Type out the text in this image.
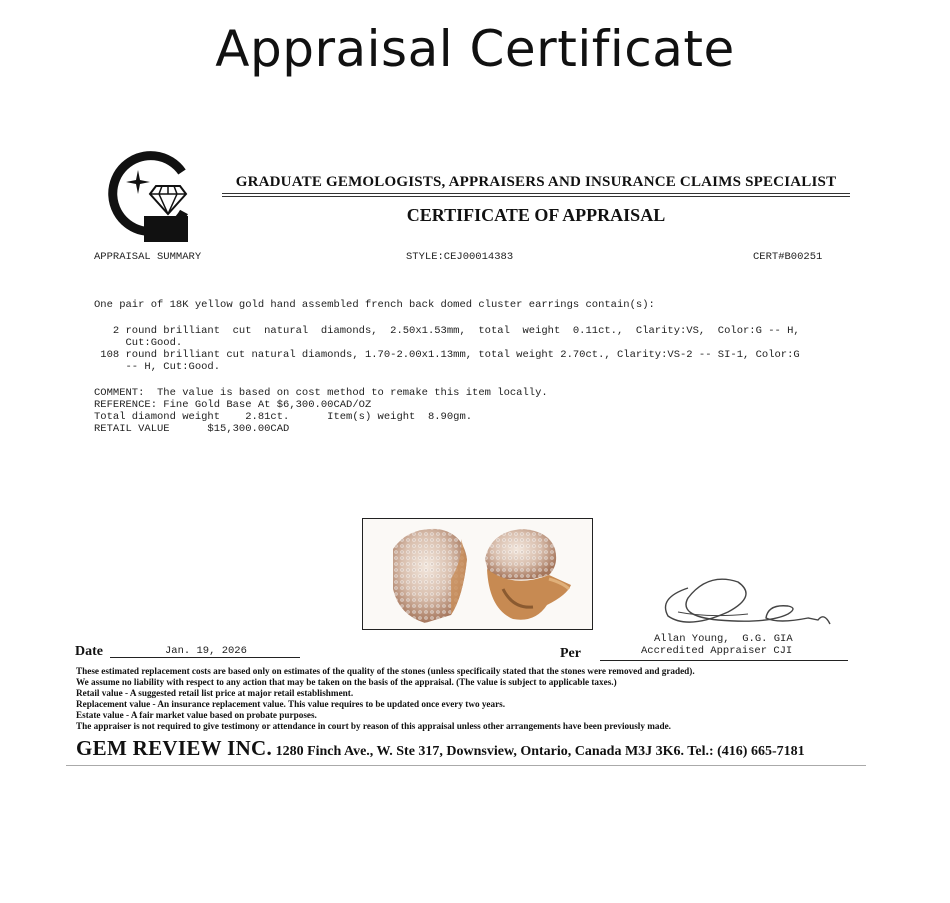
Appraisal Certificate
GRADUATE GEMOLOGISTS, APPRAISERS AND INSURANCE CLAIMS SPECIALIST
CERTIFICATE OF APPRAISAL
APPRAISAL SUMMARY	STYLE:CEJ00014383	CERT#B00251
One pair of 18K yellow gold hand assembled french back domed cluster earrings contain(s):
2 round brilliant  cut  natural  diamonds,  2.50x1.53mm,  total  weight  0.11ct.,  Clarity:VS,  Color:G -- H,
Cut:Good.
108 round brilliant cut natural diamonds, 1.70-2.00x1.13mm, total weight 2.70ct., Clarity:VS-2 -- SI-1, Color:G
-- H, Cut:Good.
COMMENT:  The value is based on cost method to remake this item locally.
REFERENCE: Fine Gold Base At $6,300.00CAD/OZ
Total diamond weight    2.81ct.      Item(s) weight  8.90gm.
RETAIL VALUE      $15,300.00CAD
Date	Jan. 19, 2026	Per
Allan Young,  G.G. GIA
Accredited Appraiser CJI
These estimated replacement costs are based only on estimates of the quality of the stones (unless specificaily stated that the stones were removed and graded).
We assume no liability with respect to any action that may be taken on the basis of the appraisal. (The value is subject to applicable taxes.)
Retail value - A suggested retail list price at major retail establishment.
Replacement value - An insurance replacement value. This value requires to be updated once every two years.
Estate value - A fair market value based on probate purposes.
The appraiser is not required to give testimony or attendance in court by reason of this appraisal unless other arrangements have been previously made.
GEM REVIEW INC. 1280 Finch Ave., W. Ste 317, Downsview, Ontario, Canada M3J 3K6. Tel.: (416) 665-7181
